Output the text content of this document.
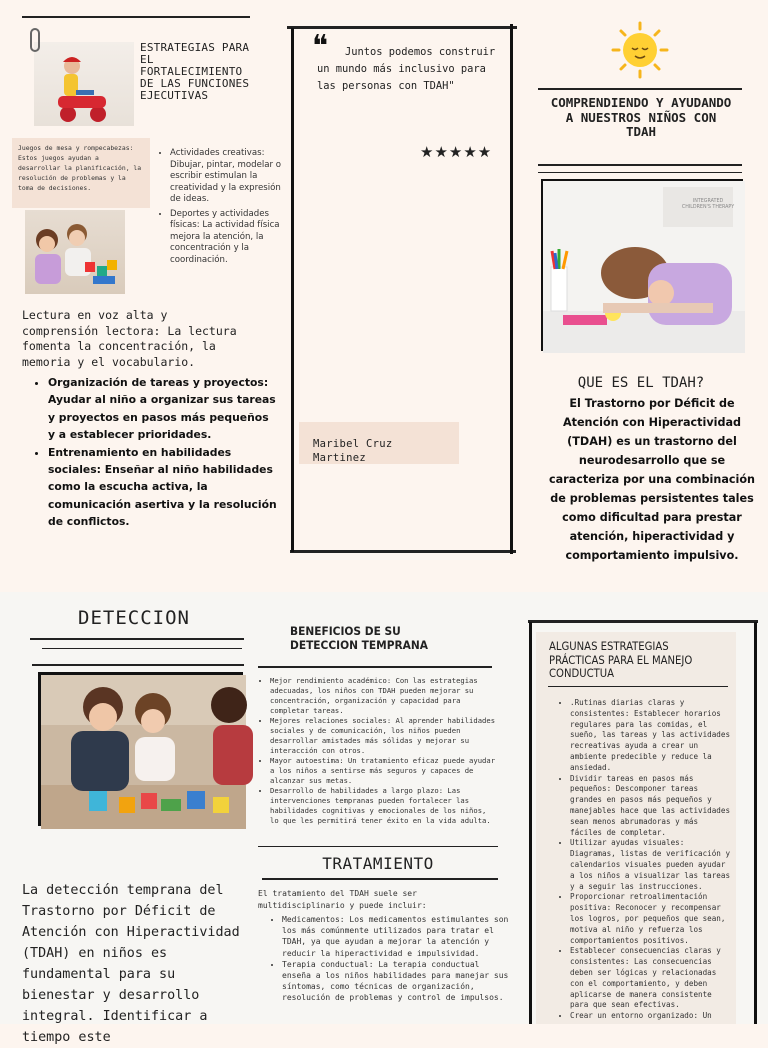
ESTRATEGIAS PARA EL FORTALECIMIENTO DE LAS FUNCIONES EJECUTIVAS
Juegos de mesa y rompecabezas: Estos juegos ayudan a desarrollar la planificación, la resolución de problemas y la toma de decisiones.
• Actividades creativas: Dibujar, pintar, modelar o escribir estimulan la creatividad y la expresión de ideas.
• Deportes y actividades físicas: La actividad física mejora la atención, la concentración y la coordinación.
Lectura en voz alta y comprensión lectora: La lectura fomenta la concentración, la memoria y el vocabulario.
• Organización de tareas y proyectos: Ayudar al niño a organizar sus tareas y proyectos en pasos más pequeños y a establecer prioridades.
• Entrenamiento en habilidades sociales: Enseñar al niño habilidades como la escucha activa, la comunicación asertiva y la resolución de conflictos.
❝	Juntos podemos construir un mundo más inclusivo para las personas con TDAH"
★★★★★
Maribel Cruz Martinez
COMPRENDIENDO Y AYUDANDO A NUESTROS NIÑOS CON TDAH
INTEGRATED CHILDREN'S THERAPY
QUE ES EL TDAH?
El Trastorno por Déficit de Atención con Hiperactividad (TDAH) es un trastorno del neurodesarrollo que se caracteriza por una combinación de problemas persistentes tales como dificultad para prestar atención, hiperactividad y comportamiento impulsivo.
DETECCION
La detección temprana del Trastorno por Déficit de Atención con Hiperactividad (TDAH) en niños es fundamental para su bienestar y desarrollo integral. Identificar a tiempo este
BENEFICIOS DE SU DETECCION TEMPRANA
• Mejor rendimiento académico: Con las estrategias adecuadas, los niños con TDAH pueden mejorar su concentración, organización y capacidad para completar tareas.
• Mejores relaciones sociales: Al aprender habilidades sociales y de comunicación, los niños pueden desarrollar amistades más sólidas y mejorar su interacción con otros.
• Mayor autoestima: Un tratamiento eficaz puede ayudar a los niños a sentirse más seguros y capaces de alcanzar sus metas.
• Desarrollo de habilidades a largo plazo: Las intervenciones tempranas pueden fortalecer las habilidades cognitivas y emocionales de los niños, lo que les permitirá tener éxito en la vida adulta.
TRATAMIENTO
El tratamiento del TDAH suele ser multidisciplinario y puede incluir:
• Medicamentos: Los medicamentos estimulantes son los más comúnmente utilizados para tratar el TDAH, ya que ayudan a mejorar la atención y reducir la hiperactividad e impulsividad.
• Terapia conductual: La terapia conductual enseña a los niños habilidades para manejar sus síntomas, como técnicas de organización, resolución de problemas y control de impulsos.
ALGUNAS ESTRATEGIAS PRÁCTICAS PARA EL MANEJO CONDUCTUA
• .Rutinas diarias claras y consistentes: Establecer horarios regulares para las comidas, el sueño, las tareas y las actividades recreativas ayuda a crear un ambiente predecible y reduce la ansiedad.
• Dividir tareas en pasos más pequeños: Descomponer tareas grandes en pasos más pequeños y manejables hace que las actividades sean menos abrumadoras y más fáciles de completar.
• Utilizar ayudas visuales: Diagramas, listas de verificación y calendarios visuales pueden ayudar a los niños a visualizar las tareas y a seguir las instrucciones.
• Proporcionar retroalimentación positiva: Reconocer y recompensar los logros, por pequeños que sean, motiva al niño y refuerza los comportamientos positivos.
• Establecer consecuencias claras y consistentes: Las consecuencias deben ser lógicas y relacionadas con el comportamiento, y deben aplicarse de manera consistente para que sean efectivas.
• Crear un entorno organizado: Un
